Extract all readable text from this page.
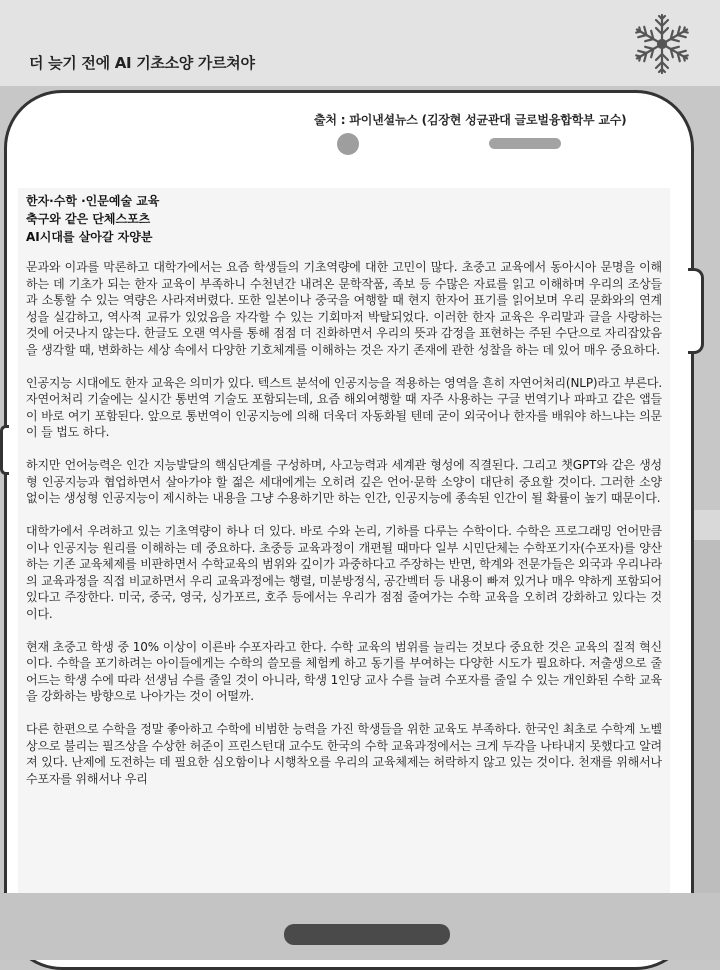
더 늦기 전에 AI 기초소양 가르쳐야
출처 : 파이낸셜뉴스 (김장현 성균관대 글로벌융합학부 교수)
한자·수학 ·인문예술 교육
축구와 같은 단체스포츠
AI시대를 살아갈 자양분

문과와 이과를 막론하고 대학가에서는 요즘 학생들의 기초역량에 대한 고민이 많다. 초중고 교육에서 동아시아 문명을 이해하는 데 기초가 되는 한자 교육이 부족하니 수천년간 내려온 문학작품, 족보 등 수많은 자료를 읽고 이해하며 우리의 조상들과 소통할 수 있는 역량은 사라져버렸다. 또한 일본이나 중국을 여행할 때 현지 한자어 표기를 읽어보며 우리 문화와의 연계성을 실감하고, 역사적 교류가 있었음을 자각할 수 있는 기회마저 박탈되었다. 이러한 한자 교육은 우리말과 글을 사랑하는 것에 어긋나지 않는다. 한글도 오랜 역사를 통해 점점 더 진화하면서 우리의 뜻과 감정을 표현하는 주된 수단으로 자리잡았음을 생각할 때, 변화하는 세상 속에서 다양한 기호체계를 이해하는 것은 자기 존재에 관한 성찰을 하는 데 있어 매우 중요하다.

인공지능 시대에도 한자 교육은 의미가 있다. 텍스트 분석에 인공지능을 적용하는 영역을 흔히 자연어처리(NLP)라고 부른다. 자연어처리 기술에는 실시간 통번역 기술도 포함되는데, 요즘 해외여행할 때 자주 사용하는 구글 번역기나 파파고 같은 앱들이 바로 여기 포함된다. 앞으로 통번역이 인공지능에 의해 더욱더 자동화될 텐데 굳이 외국어나 한자를 배워야 하느냐는 의문이 들 법도 하다.

하지만 언어능력은 인간 지능발달의 핵심단계를 구성하며, 사고능력과 세계관 형성에 직결된다. 그리고 챗GPT와 같은 생성형 인공지능과 협업하면서 살아가야 할 젊은 세대에게는 오히려 깊은 언어·문학 소양이 대단히 중요할 것이다. 그러한 소양 없이는 생성형 인공지능이 제시하는 내용을 그냥 수용하기만 하는 인간, 인공지능에 종속된 인간이 될 확률이 높기 때문이다.

대학가에서 우려하고 있는 기초역량이 하나 더 있다. 바로 수와 논리, 기하를 다루는 수학이다. 수학은 프로그래밍 언어만큼이나 인공지능 원리를 이해하는 데 중요하다. 초중등 교육과정이 개편될 때마다 일부 시민단체는 수학포기자(수포자)를 양산하는 기존 교육체제를 비판하면서 수학교육의 범위와 깊이가 과중하다고 주장하는 반면, 학계와 전문가들은 외국과 우리나라의 교육과정을 직접 비교하면서 우리 교육과정에는 행렬, 미분방정식, 공간벡터 등 내용이 빠져 있거나 매우 약하게 포함되어 있다고 주장한다. 미국, 중국, 영국, 싱가포르, 호주 등에서는 우리가 점점 줄여가는 수학 교육을 오히려 강화하고 있다는 것이다.

현재 초중고 학생 중 10% 이상이 이른바 수포자라고 한다. 수학 교육의 범위를 늘리는 것보다 중요한 것은 교육의 질적 혁신이다. 수학을 포기하려는 아이들에게는 수학의 쓸모를 체험케 하고 동기를 부여하는 다양한 시도가 필요하다. 저출생으로 줄어드는 학생 수에 따라 선생님 수를 줄일 것이 아니라, 학생 1인당 교사 수를 늘려 수포자를 줄일 수 있는 개인화된 수학 교육을 강화하는 방향으로 나아가는 것이 어떨까.

다른 한편으로 수학을 정말 좋아하고 수학에 비범한 능력을 가진 학생들을 위한 교육도 부족하다. 한국인 최초로 수학계 노벨상으로 불리는 필즈상을 수상한 허준이 프린스턴대 교수도 한국의 수학 교육과정에서는 크게 두각을 나타내지 못했다고 알려져 있다. 난제에 도전하는 데 필요한 심오함이나 시행착오를 우리의 교육체제는 허락하지 않고 있는 것이다. 천재를 위해서나 수포자를 위해서나 우리
